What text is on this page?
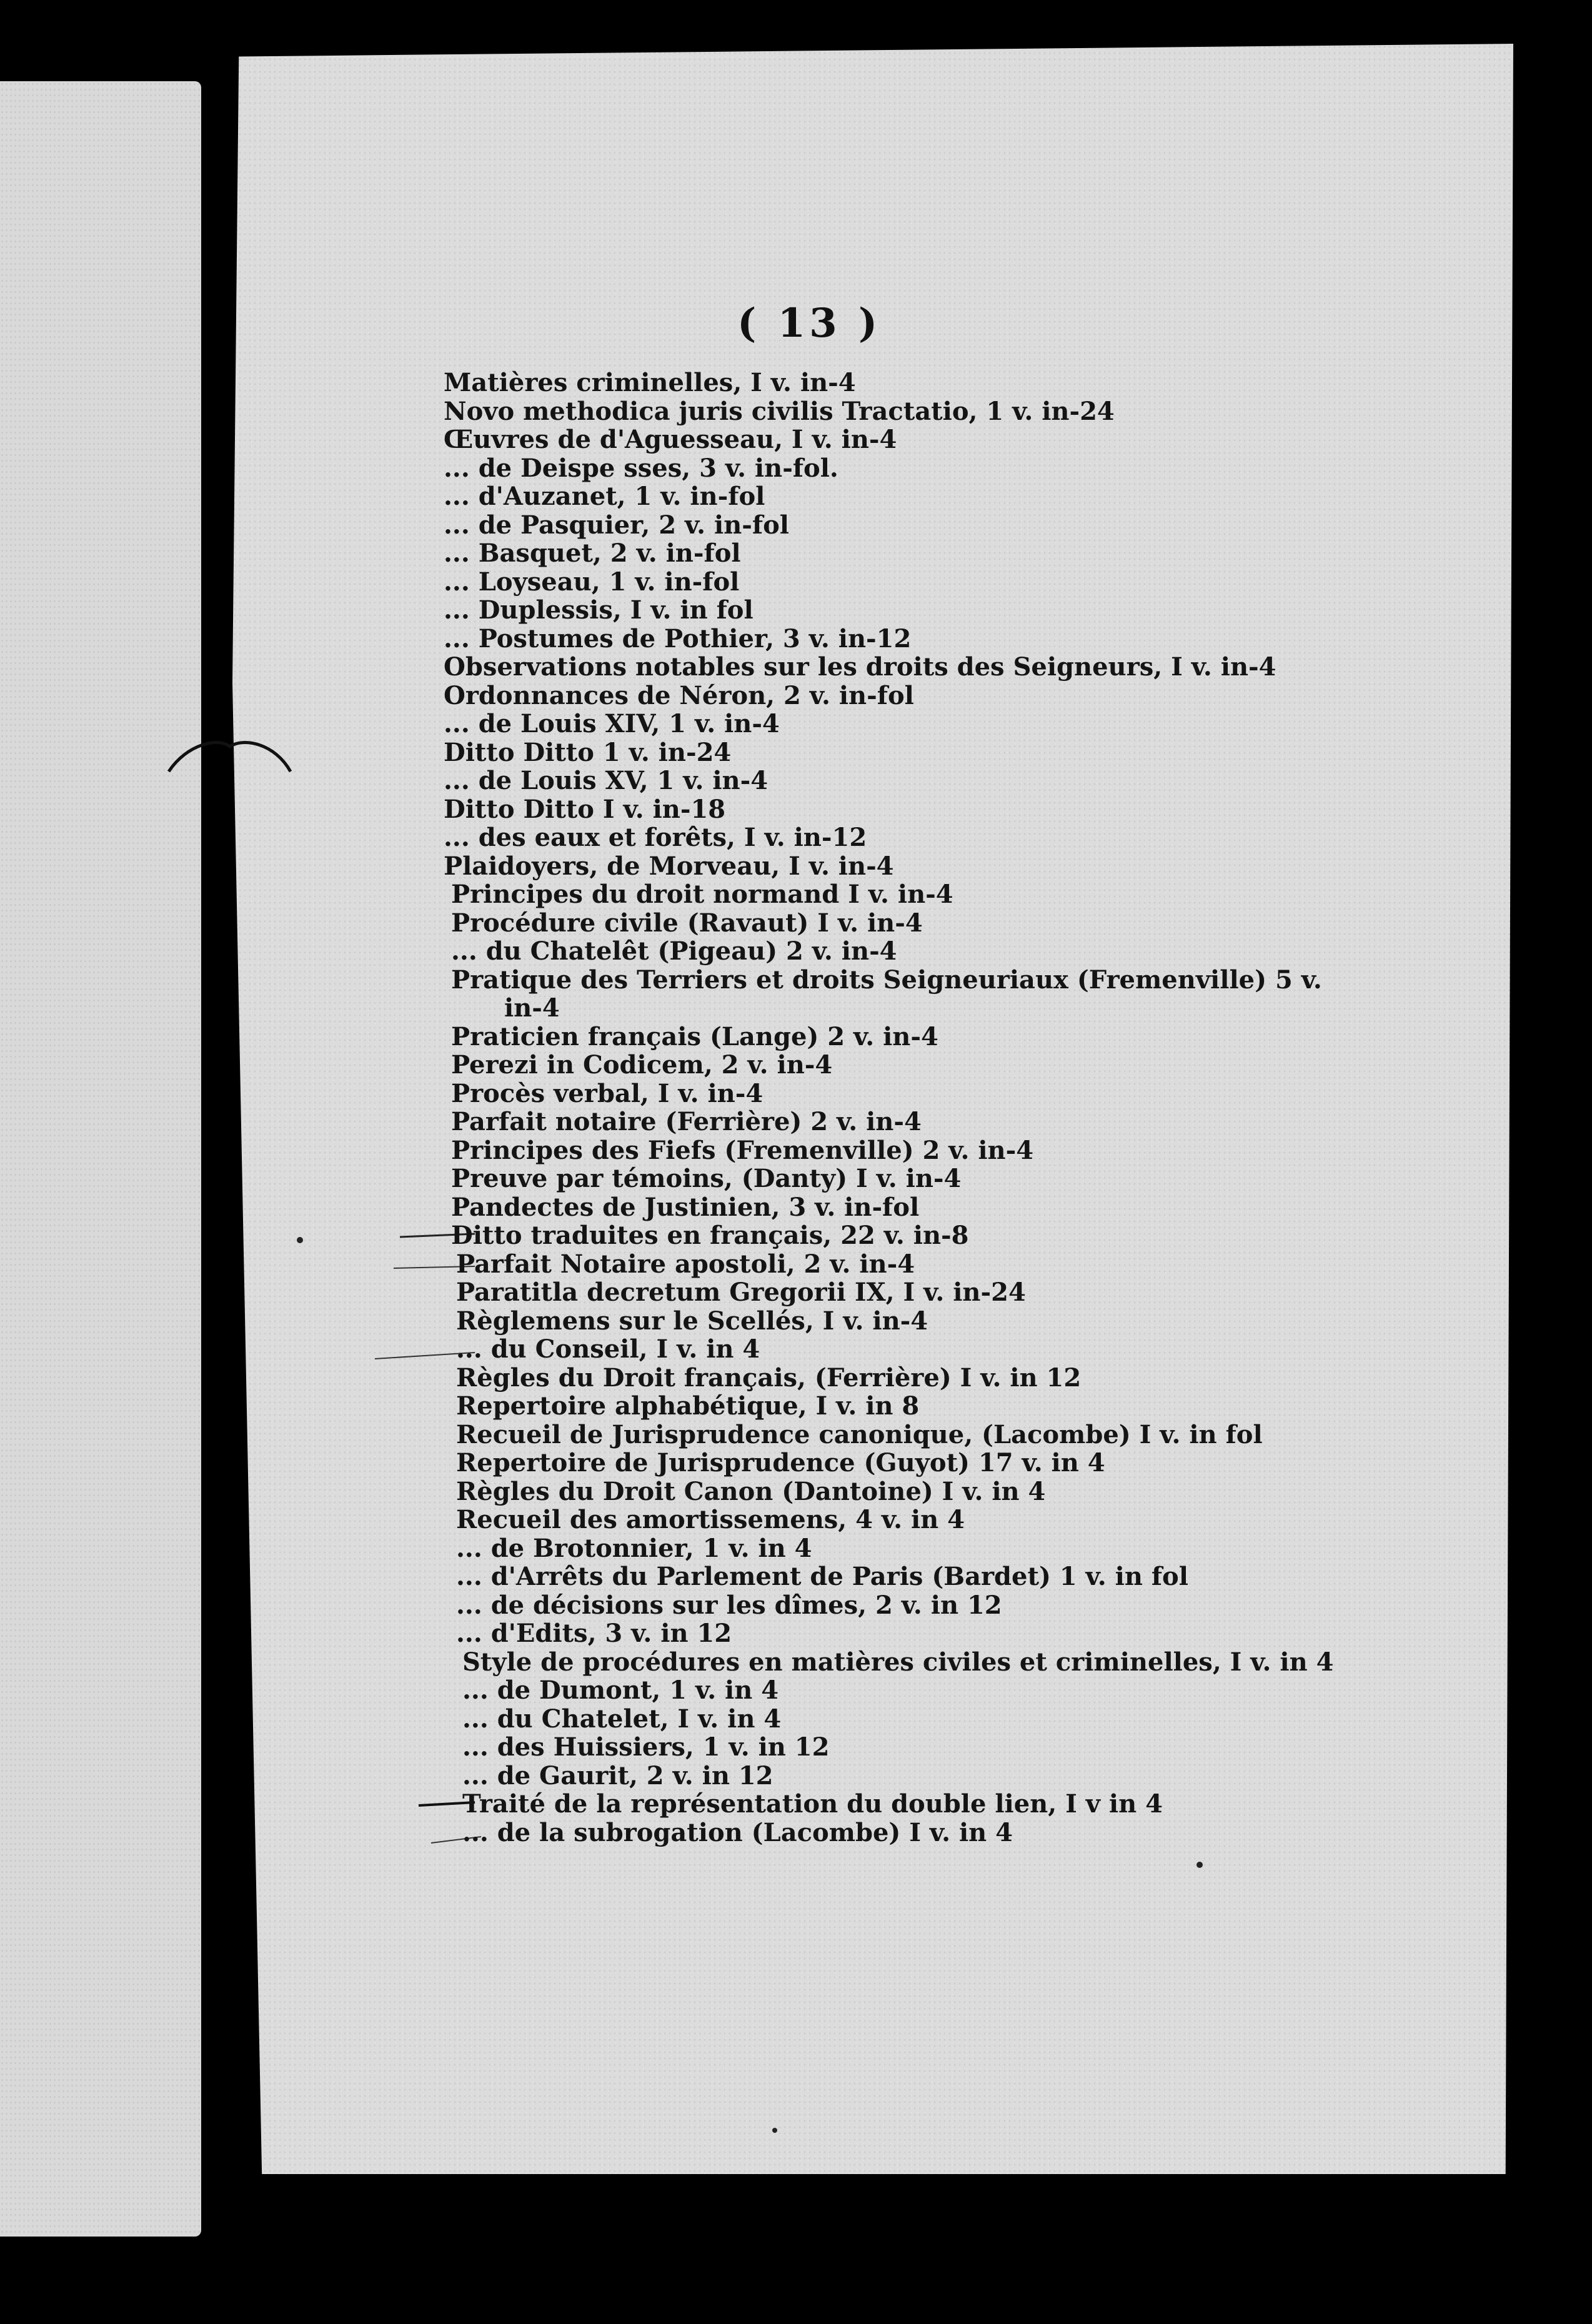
( 13 )
Matières criminelles, I v. in-4
Novo methodica juris civilis Tractatio, 1 v. in-24
Œuvres de d'Aguesseau, I v. in-4
... de Deispe sses, 3 v. in-fol.
... d'Auzanet, 1 v. in-fol
... de Pasquier, 2 v. in-fol
... Basquet, 2 v. in-fol
... Loyseau, 1 v. in-fol
... Duplessis, I v. in fol
... Postumes de Pothier, 3 v. in-12
Observations notables sur les droits des Seigneurs, I v. in-4
Ordonnances de Néron, 2 v. in-fol
... de Louis XIV, 1 v. in-4
Ditto Ditto 1 v. in-24
... de Louis XV, 1 v. in-4
Ditto Ditto I v. in-18
... des eaux et forêts, I v. in-12
Plaidoyers, de Morveau, I v. in-4
Principes du droit normand I v. in-4
Procédure civile (Ravaut) I v. in-4
... du Chatelêt (Pigeau) 2 v. in-4
Pratique des Terriers et droits Seigneuriaux (Fremenville) 5 v.
in-4
Praticien français (Lange) 2 v. in-4
Perezi in Codicem, 2 v. in-4
Procès verbal, I v. in-4
Parfait notaire (Ferrière) 2 v. in-4
Principes des Fiefs (Fremenville) 2 v. in-4
Preuve par témoins, (Danty) I v. in-4
Pandectes de Justinien, 3 v. in-fol
Ditto traduites en français, 22 v. in-8
Parfait Notaire apostoli, 2 v. in-4
Paratitla decretum Gregorii IX, I v. in-24
Règlemens sur le Scellés, I v. in-4
... du Conseil, I v. in 4
Règles du Droit français, (Ferrière) I v. in 12
Repertoire alphabétique, I v. in 8
Recueil de Jurisprudence canonique, (Lacombe) I v. in fol
Repertoire de Jurisprudence (Guyot) 17 v. in 4
Règles du Droit Canon (Dantoine) I v. in 4
Recueil des amortissemens, 4 v. in 4
... de Brotonnier, 1 v. in 4
... d'Arrêts du Parlement de Paris (Bardet) 1 v. in fol
... de décisions sur les dîmes, 2 v. in 12
... d'Edits, 3 v. in 12
Style de procédures en matières civiles et criminelles, I v. in 4
... de Dumont, 1 v. in 4
... du Chatelet, I v. in 4
... des Huissiers, 1 v. in 12
... de Gaurit, 2 v. in 12
Traité de la représentation du double lien, I v in 4
... de la subrogation (Lacombe) I v. in 4
